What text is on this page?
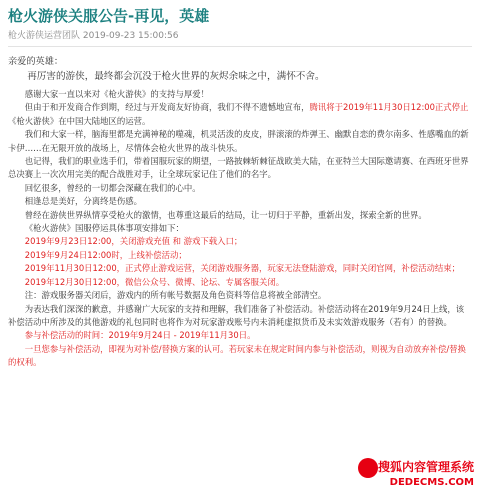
枪火游侠关服公告-再见，英雄
枪火游侠运营团队 2019-09-23 15:00:56

亲爱的英雄：

再厉害的游侠，最终都会沉没于枪火世界的灰烬余味之中，满怀不舍。

感谢大家一直以来对《枪火游侠》的支持与厚爱！

但由于和开发商合作到期，经过与开发商友好协商，我们不得不遗憾地宣布，腾讯将于2019年11月30日12:00正式停止《枪火游侠》在中国大陆地区的运营。

我们和大家一样，脑海里都是充满神秘的噬魂，机灵活泼的皮皮，胖滚滚的炸弹王、幽默自恋的费尔南多、性感嘴血的新卡伊……在无限开放的战场上，尽情体会枪火世界的战斗快乐。

也记得，我们的职业选手们，带着国服玩家的期望，一路披棘斩棘征战欧美大陆，在亚特兰大国际邀请赛、在西班牙世界总决赛上一次次用完美的配合战胜对手，让全球玩家记住了他们的名字。

回忆很多，曾经的一切都会深藏在我们的心中。

相逢总是美好，分离终是伤感。

曾经在游侠世界纵情享受枪火的激情，也尊重这最后的结局，让一切归于平静，重新出发，探索全新的世界。

《枪火游侠》国服停运具体事项安排如下：

2019年9月23日12:00，关闭游戏充值 和 游戏下载入口；

2019年9月24日12:00时，上线补偿活动；

2019年11月30日12:00，正式停止游戏运营，关闭游戏服务器，玩家无法登陆游戏，同时关闭官网，补偿活动结束；

2019年12月30日12:00，微信公众号、微博、论坛、专属客服关闭。

注：游戏服务器关闭后，游戏内的所有帐号数据及角色资料等信息将被全部清空。

为表达我们深深的歉意，并感谢广大玩家的支持和理解，我们准备了补偿活动。补偿活动将在2019年9月24日上线，该补偿活动中所涉及的其他游戏的礼包同时也将作为对玩家游戏账号内未消耗虚拟货币及未实效游戏服务（若有）的替换。

参与补偿活动的时间：2019年9月24日 - 2019年11月30日。

一旦您参与补偿活动，即视为对补偿/替换方案的认可。若玩家未在规定时间内参与补偿活动，则视为自动放弃补偿/替换的权利。

搜狐内容管理系统
DEDECMS.COM
